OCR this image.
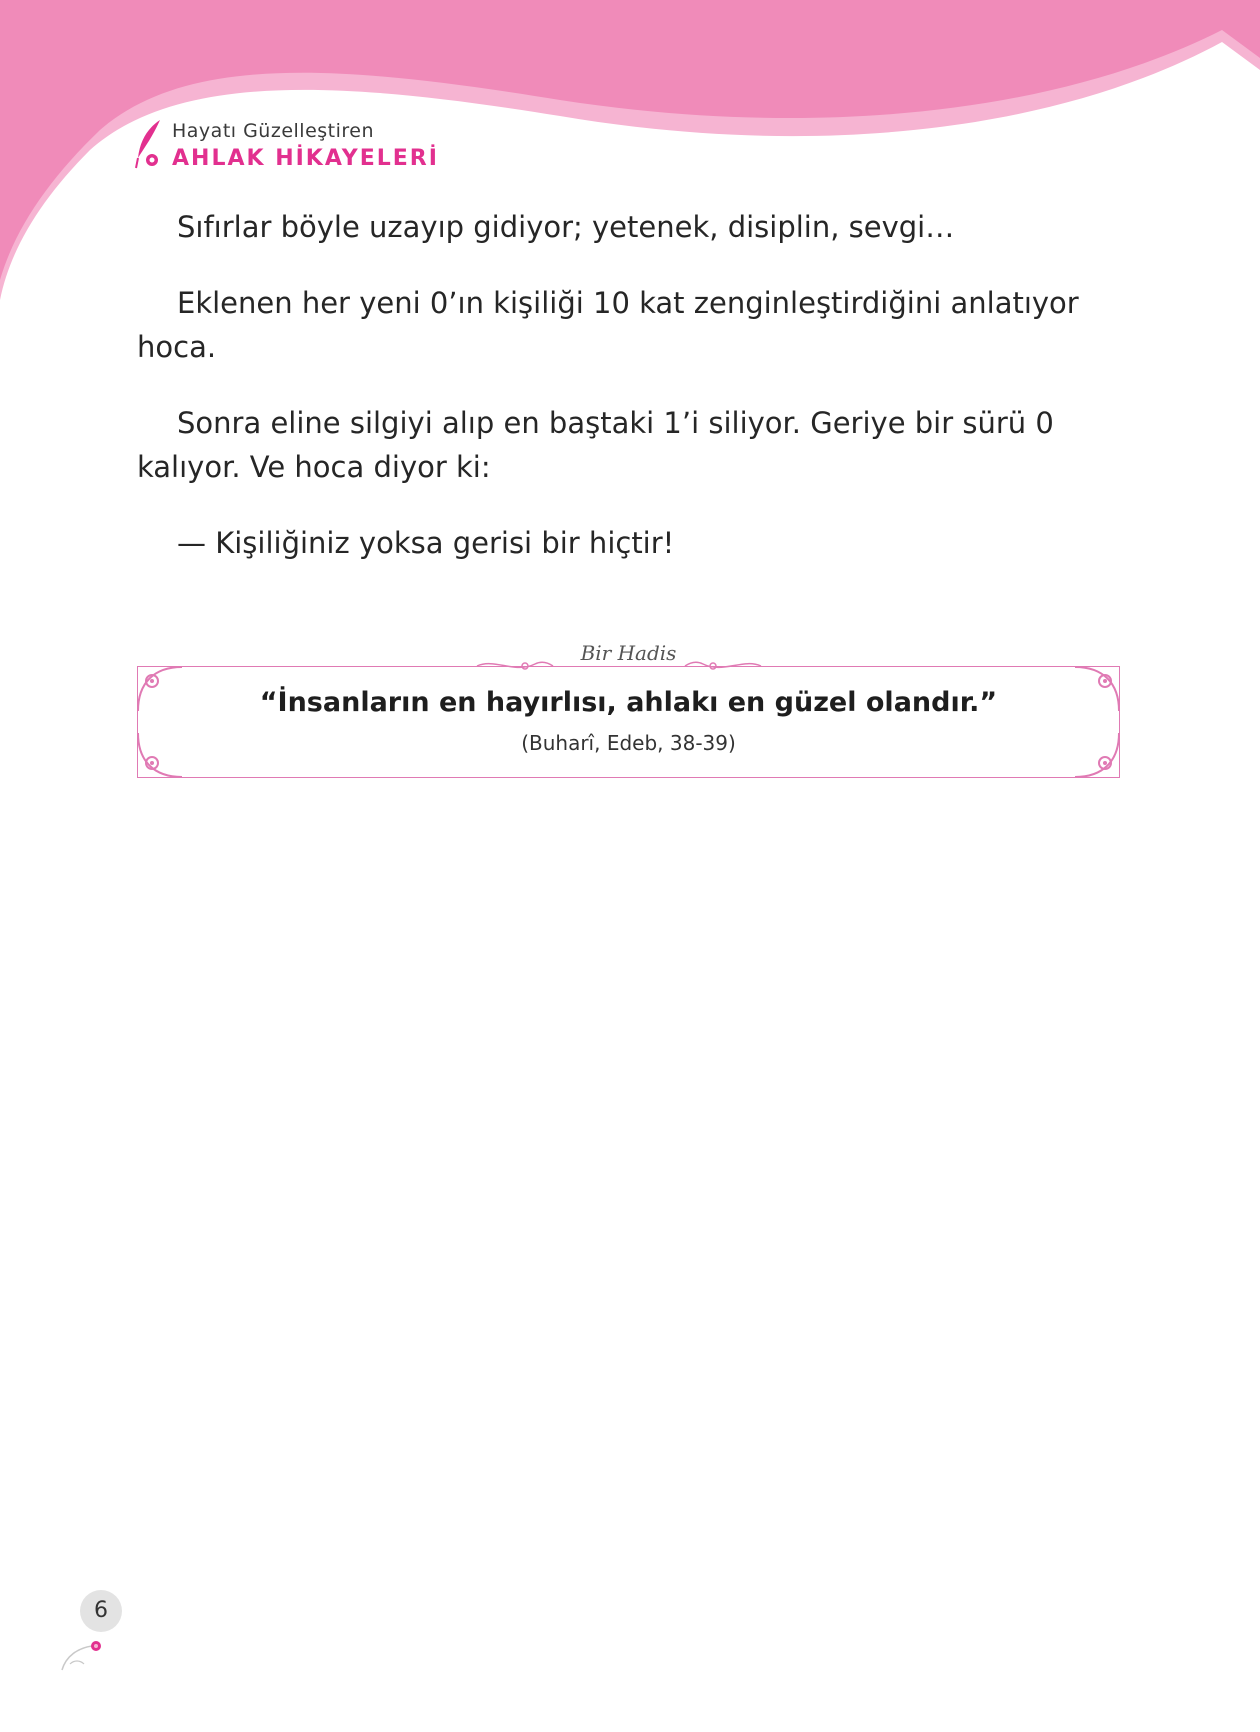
Hayatı Güzelleştiren
AHLAK HİKAYELERİ

Sıfırlar böyle uzayıp gidiyor; yetenek, disiplin, sevgi…

Eklenen her yeni 0’ın kişiliği 10 kat zenginleştirdiğini anlatıyor hoca.

Sonra eline silgiyi alıp en baştaki 1’i siliyor. Geriye bir sürü 0 kalıyor. Ve hoca diyor ki:

— Kişiliğiniz yoksa gerisi bir hiçtir!

Bir Hadis
“İnsanların en hayırlısı, ahlakı en güzel olandır.”
(Buharî, Edeb, 38-39)
6
